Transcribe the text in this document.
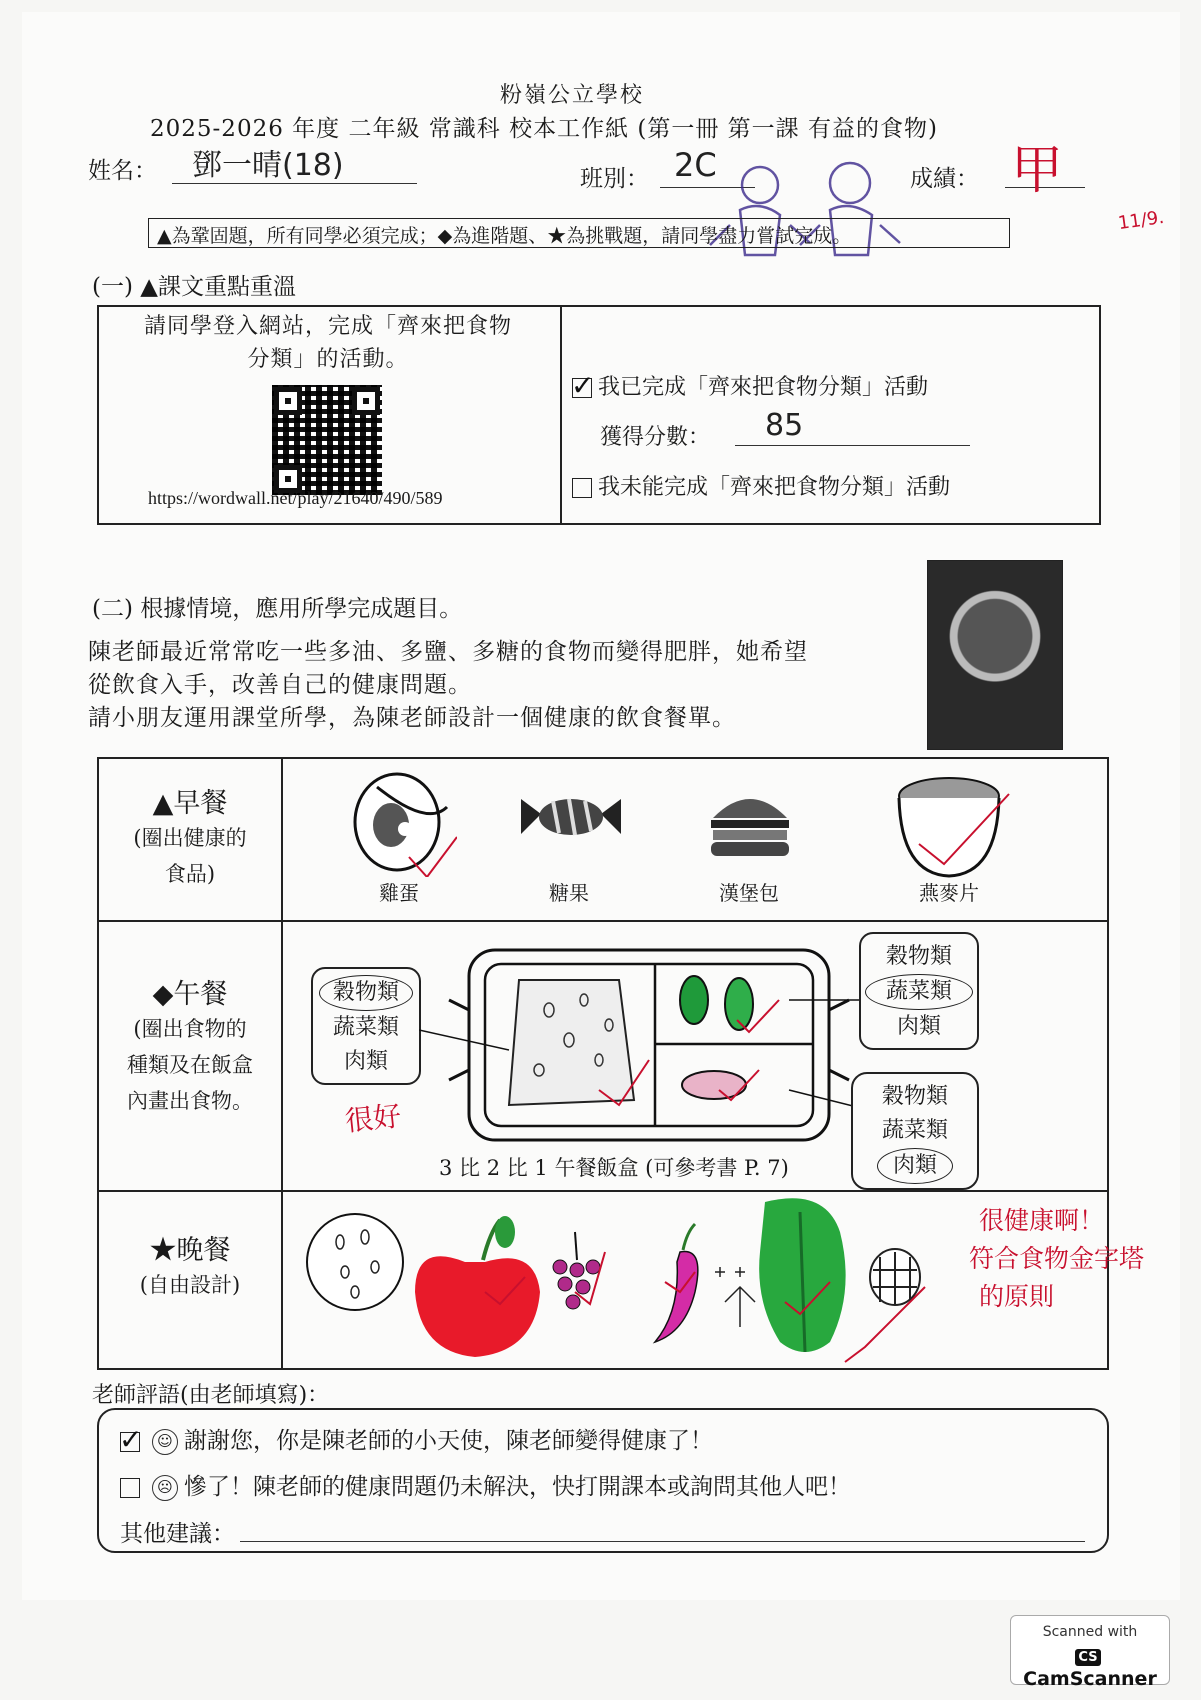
粉嶺公立學校
2025-2026 年度 二年級 常識科 校本工作紙 (第一冊 第一課 有益的食物)
姓名：	鄧一晴(18)	班別： 2C	成績： 甲
11/9.
▲為鞏固題，所有同學必須完成；◆為進階題、★為挑戰題，請同學盡力嘗試完成。
(一) ▲課文重點重溫
請同學登入網站，完成「齊來把食物
分類」的活動。
https://wordwall.net/play/21640/490/589
✓我已完成「齊來把食物分類」活動
獲得分數：	85
我未能完成「齊來把食物分類」活動
(二) 根據情境，應用所學完成題目。
陳老師最近常常吃一些多油、多鹽、多糖的食物而變得肥胖，她希望
從飲食入手，改善自己的健康問題。
請小朋友運用課堂所學，為陳老師設計一個健康的飲食餐單。
▲早餐
(圈出健康的
食品)
雞蛋	糖果	漢堡包	燕麥片
◆午餐
(圈出食物的
種類及在飯盒
內畫出食物。
穀物類
蔬菜類
肉類
穀物類
蔬菜類
肉類
穀物類
蔬菜類
肉類
很好
3 比 2 比 1 午餐飯盒 (可參考書 P. 7)
★晚餐
(自由設計)
很健康啊！
符合食物金字塔
的原則
老師評語(由老師填寫)：
✓☺ 謝謝您，你是陳老師的小天使，陳老師變得健康了！
☹ 慘了！陳老師的健康問題仍未解決，快打開課本或詢問其他人吧！
其他建議：
Scanned with
CSCamScanner
